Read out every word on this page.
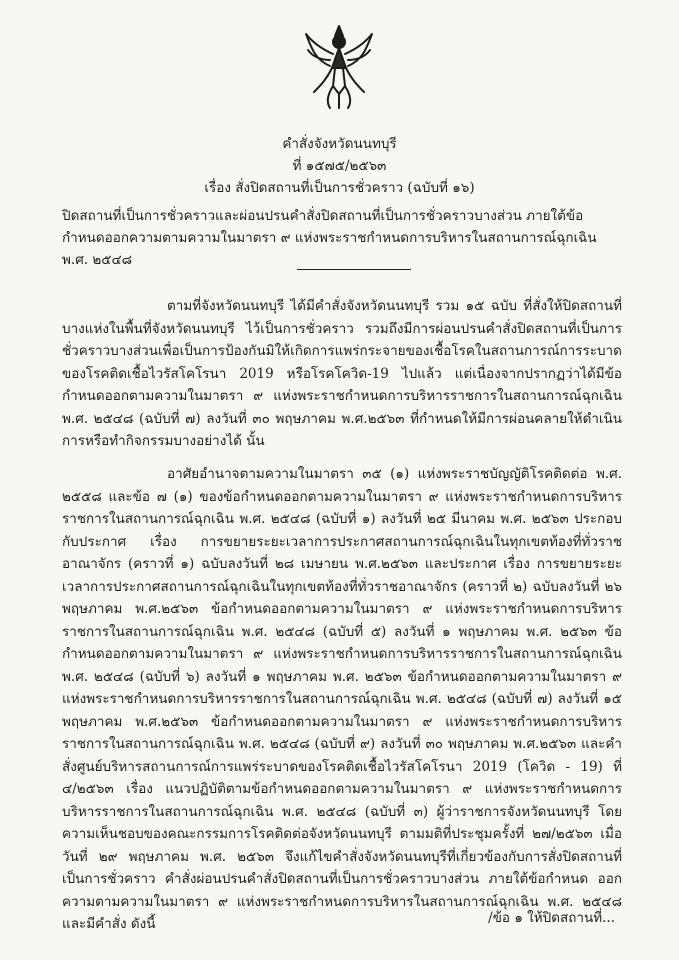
คำสั่งจังหวัดนนทบุรี
ที่ ๑๕๗๕/๒๕๖๓
เรื่อง สั่งปิดสถานที่เป็นการชั่วคราว (ฉบับที่ ๑๖)
ปิดสถานที่เป็นการชั่วคราวและผ่อนปรนคำสั่งปิดสถานที่เป็นการชั่วคราวบางส่วน ภายใต้ข้อกำหนดออกความตามความในมาตรา ๙ แห่งพระราชกำหนดการบริหารในสถานการณ์ฉุกเฉิน พ.ศ. ๒๕๔๘
ตามที่จังหวัดนนทบุรี ได้มีคำสั่งจังหวัดนนทบุรี รวม ๑๕ ฉบับ ที่สั่งให้ปิดสถานที่บางแห่งในพื้นที่จังหวัดนนทบุรี ไว้เป็นการชั่วคราว รวมถึงมีการผ่อนปรนคำสั่งปิดสถานที่เป็นการชั่วคราวบางส่วนเพื่อเป็นการป้องกันมิให้เกิดการแพร่กระจายของเชื้อโรคในสถานการณ์การระบาดของโรคติดเชื้อไวรัสโคโรนา 2019 หรือโรคโควิด-19 ไปแล้ว แต่เนื่องจากปรากฏว่าได้มีข้อกำหนดออกตามความในมาตรา ๙ แห่งพระราชกำหนดการบริหารราชการในสถานการณ์ฉุกเฉิน พ.ศ. ๒๕๔๘ (ฉบับที่ ๗) ลงวันที่ ๓๐ พฤษภาคม พ.ศ.๒๕๖๓ ที่กำหนดให้มีการผ่อนคลายให้ดำเนินการหรือทำกิจกรรมบางอย่างได้ นั้น
อาศัยอำนาจตามความในมาตรา ๓๕ (๑) แห่งพระราชบัญญัติโรคติดต่อ พ.ศ. ๒๕๕๘ และข้อ ๗ (๑) ของข้อกำหนดออกตามความในมาตรา ๙ แห่งพระราชกำหนดการบริหารราชการในสถานการณ์ฉุกเฉิน พ.ศ. ๒๕๔๘ (ฉบับที่ ๑) ลงวันที่ ๒๕ มีนาคม พ.ศ. ๒๕๖๓ ประกอบกับประกาศ เรื่อง การขยายระยะเวลาการประกาศสถานการณ์ฉุกเฉินในทุกเขตท้องที่ทั่วราชอาณาจักร (คราวที่ ๑) ฉบับลงวันที่ ๒๘ เมษายน พ.ศ.๒๕๖๓ และประกาศ เรื่อง การขยายระยะเวลาการประกาศสถานการณ์ฉุกเฉินในทุกเขตท้องที่ทั่วราชอาณาจักร (คราวที่ ๒) ฉบับลงวันที่ ๒๖ พฤษภาคม พ.ศ.๒๕๖๓ ข้อกำหนดออกตามความในมาตรา ๙ แห่งพระราชกำหนดการบริหารราชการในสถานการณ์ฉุกเฉิน พ.ศ. ๒๕๔๘ (ฉบับที่ ๕) ลงวันที่ ๑ พฤษภาคม พ.ศ. ๒๕๖๓ ข้อกำหนดออกตามความในมาตรา ๙ แห่งพระราชกำหนดการบริหารราชการในสถานการณ์ฉุกเฉิน พ.ศ. ๒๕๔๘ (ฉบับที่ ๖) ลงวันที่ ๑ พฤษภาคม พ.ศ. ๒๕๖๓ ข้อกำหนดออกตามความในมาตรา ๙ แห่งพระราชกำหนดการบริหารราชการในสถานการณ์ฉุกเฉิน พ.ศ. ๒๕๔๘ (ฉบับที่ ๗) ลงวันที่ ๑๕ พฤษภาคม พ.ศ.๒๕๖๓ ข้อกำหนดออกตามความในมาตรา ๙ แห่งพระราชกำหนดการบริหารราชการในสถานการณ์ฉุกเฉิน พ.ศ. ๒๕๔๘ (ฉบับที่ ๙) ลงวันที่ ๓๐ พฤษภาคม พ.ศ.๒๕๖๓ และคำสั่งศูนย์บริหารสถานการณ์การแพร่ระบาดของโรคติดเชื้อไวรัสโคโรนา 2019 (โควิด - 19) ที่ ๔/๒๕๖๓ เรื่อง แนวปฏิบัติตามข้อกำหนดออกตามความในมาตรา ๙ แห่งพระราชกำหนดการบริหารราชการในสถานการณ์ฉุกเฉิน พ.ศ. ๒๕๔๘ (ฉบับที่ ๓) ผู้ว่าราชการจังหวัดนนทบุรี โดยความเห็นชอบของคณะกรรมการโรคติดต่อจังหวัดนนทบุรี ตามมติที่ประชุมครั้งที่ ๒๗/๒๕๖๓ เมื่อวันที่ ๒๙ พฤษภาคม พ.ศ. ๒๕๖๓ จึงแก้ไขคำสั่งจังหวัดนนทบุรีที่เกี่ยวข้องกับการสั่งปิดสถานที่เป็นการชั่วคราว คำสั่งผ่อนปรนคำสั่งปิดสถานที่เป็นการชั่วคราวบางส่วน ภายใต้ข้อกำหนด ออกความตามความในมาตรา ๙ แห่งพระราชกำหนดการบริหารในสถานการณ์ฉุกเฉิน พ.ศ. ๒๕๔๘ และมีคำสั่ง ดังนี้	/ข้อ ๑ ให้ปิดสถานที่...
